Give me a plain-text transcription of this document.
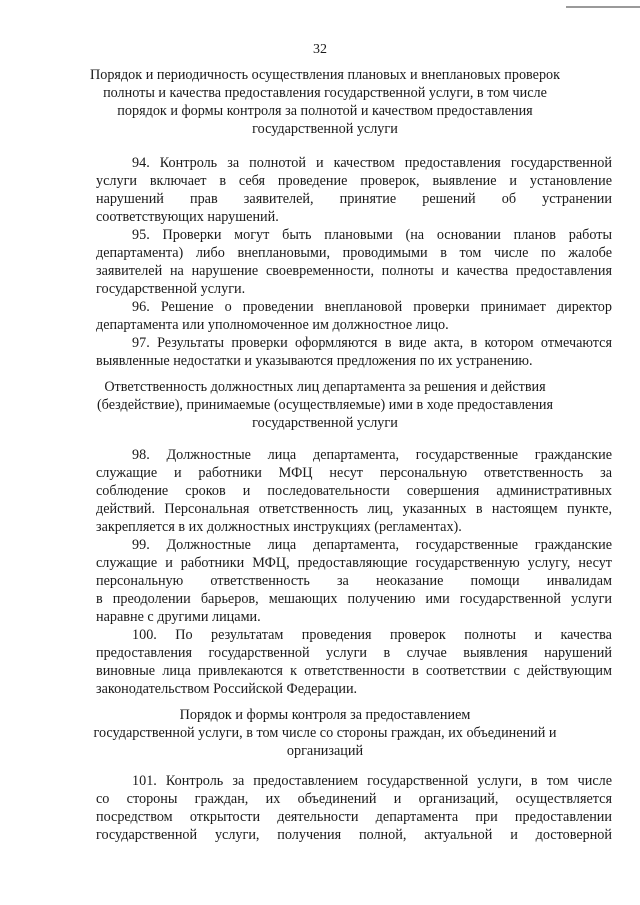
32
Порядок и периодичность осуществления плановых и внеплановых проверок
полноты и качества предоставления государственной услуги, в том числе
порядок и формы контроля за полнотой и качеством предоставления
государственной услуги
94. Контроль за полнотой и качеством предоставления государственной
услуги включает в себя проведение проверок, выявление и установление
нарушений прав заявителей, принятие решений об устранении
соответствующих нарушений.
95. Проверки могут быть плановыми (на основании планов работы
департамента) либо внеплановыми, проводимыми в том числе по жалобе
заявителей на нарушение своевременности, полноты и качества предоставления
государственной услуги.
96. Решение о проведении внеплановой проверки принимает директор
департамента или уполномоченное им должностное лицо.
97. Результаты проверки оформляются в виде акта, в котором отмечаются
выявленные недостатки и указываются предложения по их устранению.
Ответственность должностных лиц департамента за решения и действия
(бездействие), принимаемые (осуществляемые) ими в ходе предоставления
государственной услуги
98. Должностные лица департамента, государственные гражданские
служащие и работники МФЦ несут персональную ответственность за
соблюдение сроков и последовательности совершения административных
действий. Персональная ответственность лиц, указанных в настоящем пункте,
закрепляется в их должностных инструкциях (регламентах).
99. Должностные лица департамента, государственные гражданские
служащие и работники МФЦ, предоставляющие государственную услугу, несут
персональную ответственность за неоказание помощи инвалидам
в преодолении барьеров, мешающих получению ими государственной услуги
наравне с другими лицами.
100. По результатам проведения проверок полноты и качества
предоставления государственной услуги в случае выявления нарушений
виновные лица привлекаются к ответственности в соответствии с действующим
законодательством Российской Федерации.
Порядок и формы контроля за предоставлением
государственной услуги, в том числе со стороны граждан, их объединений и
организаций
101. Контроль за предоставлением государственной услуги, в том числе
со стороны граждан, их объединений и организаций, осуществляется
посредством открытости деятельности департамента при предоставлении
государственной услуги, получения полной, актуальной и достоверной
